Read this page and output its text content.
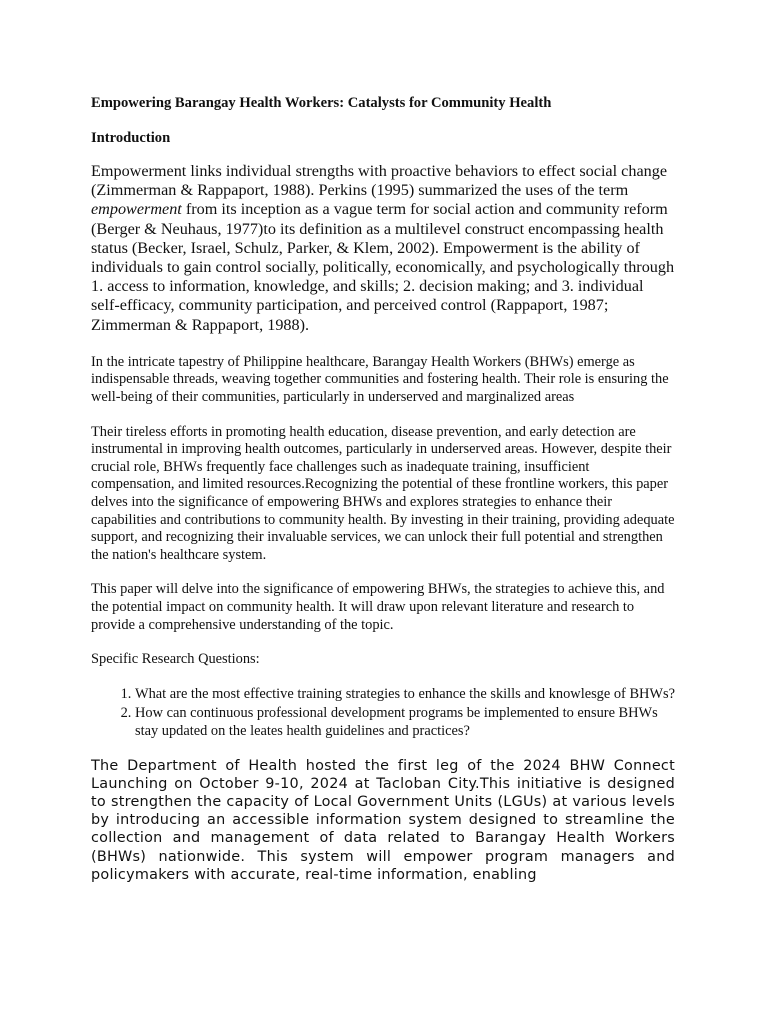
Empowering Barangay Health Workers: Catalysts for Community Health

Introduction

Empowerment links individual strengths with proactive behaviors to effect social change (Zimmerman & Rappaport, 1988). Perkins (1995) summarized the uses of the term empowerment from its inception as a vague term for social action and community reform (Berger & Neuhaus, 1977)to its definition as a multilevel construct encompassing health status (Becker, Israel, Schulz, Parker, & Klem, 2002). Empowerment is the ability of individuals to gain control socially, politically, economically, and psychologically through 1. access to information, knowledge, and skills; 2. decision making; and 3. individual self-efficacy, community participation, and perceived control (Rappaport, 1987; Zimmerman & Rappaport, 1988).

In the intricate tapestry of Philippine healthcare, Barangay Health Workers (BHWs) emerge as indispensable threads, weaving together communities and fostering health. Their role is ensuring the well-being of their communities, particularly in underserved and marginalized areas

Their tireless efforts in promoting health education, disease prevention, and early detection are instrumental in improving health outcomes, particularly in underserved areas. However, despite their crucial role, BHWs frequently face challenges such as inadequate training, insufficient compensation, and limited resources.Recognizing the potential of these frontline workers, this paper delves into the significance of empowering BHWs and explores strategies to enhance their capabilities and contributions to community health. By investing in their training, providing adequate support, and recognizing their invaluable services, we can unlock their full potential and strengthen the nation's healthcare system.

This paper will delve into the significance of empowering BHWs, the strategies to achieve this, and the potential impact on community health. It will draw upon relevant literature and research to provide a comprehensive understanding of the topic.

Specific Research Questions:

1. What are the most effective training strategies to enhance the skills and knowlesge of BHWs?
2. How can continuous professional development programs be implemented to ensure BHWs stay updated on the leates health guidelines and practices?

The Department of Health hosted the first leg of the 2024 BHW Connect Launching on October 9-10, 2024 at Tacloban City.This initiative is designed to strengthen the capacity of Local Government Units (LGUs) at various levels by introducing an accessible information system designed to streamline the collection and management of data related to Barangay Health Workers (BHWs) nationwide. This system will empower program managers and policymakers with accurate, real-time information, enabling
